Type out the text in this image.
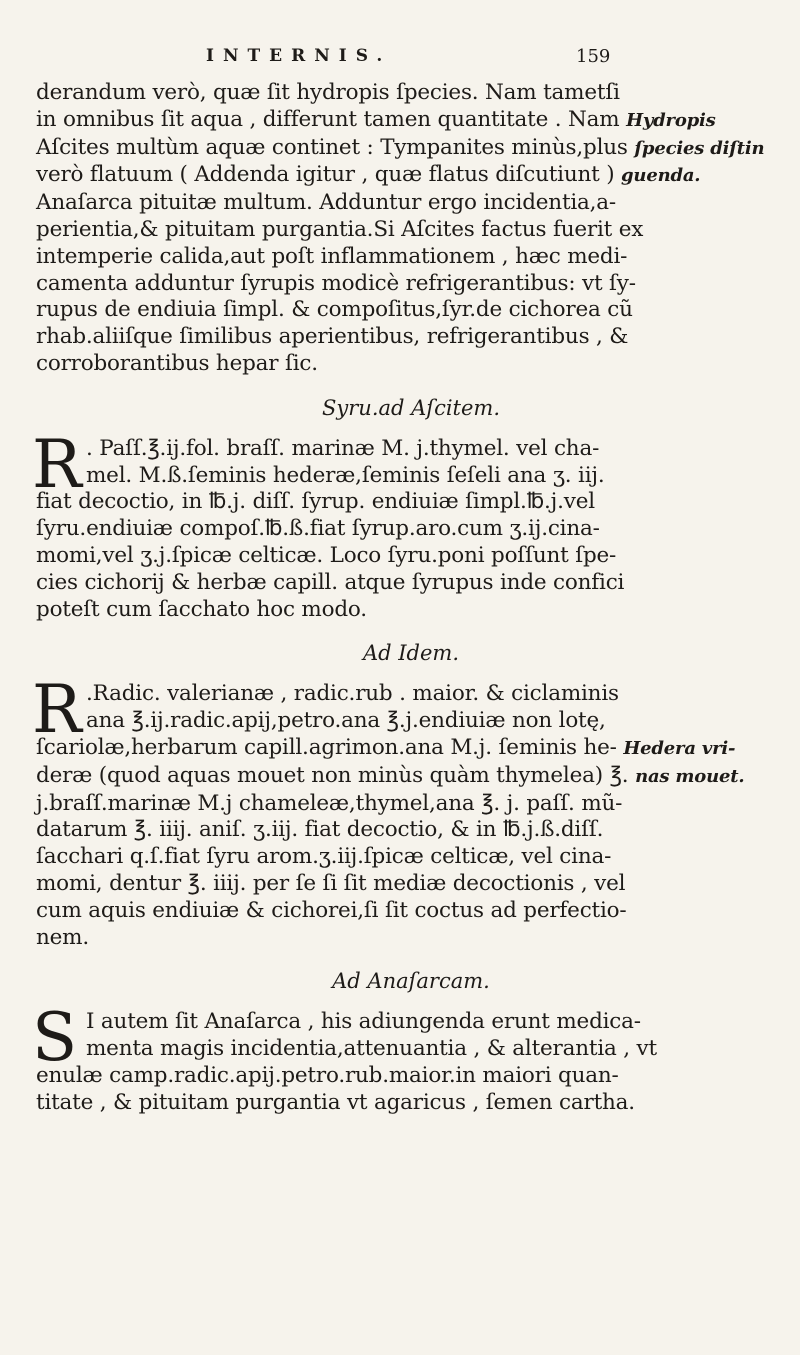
INTERNIS.	159
derandum verò, quæ ſit hydropis ſpecies. Nam tametſi
in omnibus ſit aqua , differunt tamen quantitate . Nam Hydropis
Aſcites multùm aquæ continet : Tympanites minùs,plus ſpecies diſtin
verò flatuum ( Addenda igitur , quæ flatus diſcutiunt ) guenda.
Anaſarca pituitæ multum. Adduntur ergo incidentia,a-
perientia,& pituitam purgantia.Si Aſcites factus fuerit ex
intemperie calida,aut poſt inflammationem , hæc medi-
camenta adduntur ſyrupis modicè refrigerantibus: vt ſy-
rupus de endiuia ſimpl. & compoſitus,ſyr.de cichorea cũ
rhab.aliiſque ſimilibus aperientibus, refrigerantibus , &
corroborantibus hepar ſic.
Syru.ad Aſcitem.
R . Paſſ.℥.ij.fol. braſſ. marinæ M. j.thymel. vel cha-
mel. M.ß.ſeminis hederæ,ſeminis ſeſeli ana ʒ. iij.
fiat decoctio, in ℔.j. diſſ. ſyrup. endiuiæ ſimpl.℔.j.vel
ſyru.endiuiæ compoſ.℔.ß.fiat ſyrup.aro.cum ʒ.ij.cina-
momi,vel ʒ.j.ſpicæ celticæ. Loco ſyru.poni poſſunt ſpe-
cies cichorij & herbæ capill. atque ſyrupus inde confici
poteſt cum ſacchato hoc modo.
Ad Idem.
R .Radic. valerianæ , radic.rub . maior. & ciclaminis
ana ℥.ij.radic.apij,petro.ana ℥.j.endiuiæ non lotę,
ſcariolæ,herbarum capill.agrimon.ana M.j. ſeminis he- Hedera vri-
deræ (quod aquas mouet non minùs quàm thymelea) ℥. nas mouet.
j.braſſ.marinæ M.j chameleæ,thymel,ana ℥. j. paſſ. mũ-
datarum ℥. iiij. aniſ. ʒ.iij. fiat decoctio, & in ℔.j.ß.diſſ.
ſacchari q.ſ.fiat ſyru arom.ʒ.iij.ſpicæ celticæ, vel cina-
momi, dentur ℥. iiij. per ſe ſi ſit mediæ decoctionis , vel
cum aquis endiuiæ & cichorei,ſi ſit coctus ad perfectio-
nem.
Ad Anaſarcam.
S I autem ſit Anaſarca , his adiungenda erunt medica-
menta magis incidentia,attenuantia , & alterantia , vt
enulæ camp.radic.apij.petro.rub.maior.in maiori quan-
titate , & pituitam purgantia vt agaricus , ſemen cartha.
